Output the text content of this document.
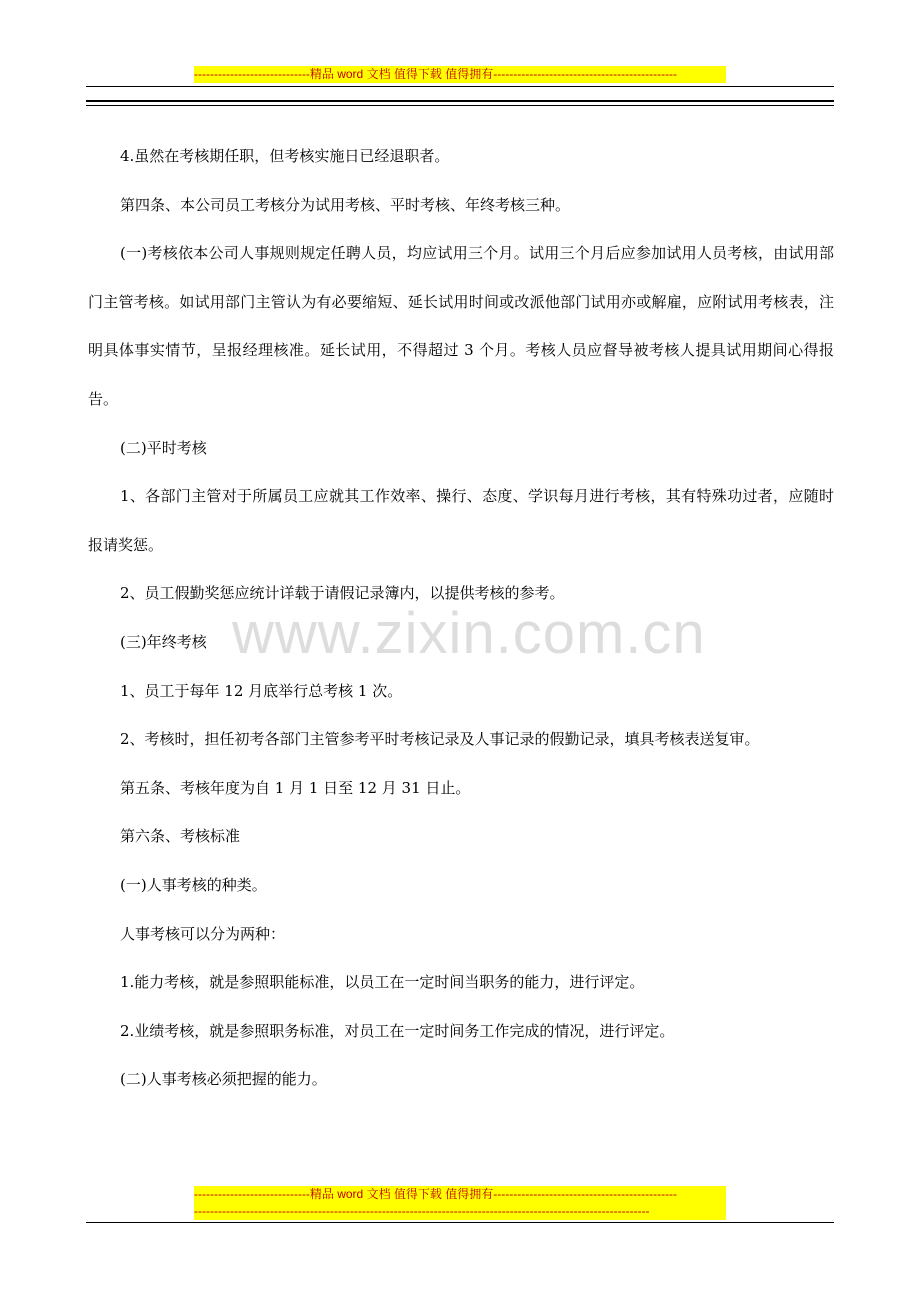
-----------------------------精品 word 文档 值得下载 值得拥有----------------------------------------------
www.zixin.com.cn

4.虽然在考核期任职，但考核实施日已经退职者。

第四条、本公司员工考核分为试用考核、平时考核、年终考核三种。

(一)考核依本公司人事规则规定任聘人员，均应试用三个月。试用三个月后应参加试用人员考核，由试用部门主管考核。如试用部门主管认为有必要缩短、延长试用时间或改派他部门试用亦或解雇，应附试用考核表，注明具体事实情节，呈报经理核准。延长试用，不得超过 3 个月。考核人员应督导被考核人提具试用期间心得报告。

(二)平时考核

1、各部门主管对于所属员工应就其工作效率、操行、态度、学识每月进行考核，其有特殊功过者，应随时报请奖惩。

2、员工假勤奖惩应统计详载于请假记录簿内，以提供考核的参考。

(三)年终考核

1、员工于每年 12 月底举行总考核 1 次。

2、考核时，担任初考各部门主管参考平时考核记录及人事记录的假勤记录，填具考核表送复审。

第五条、考核年度为自 1 月 1 日至 12 月 31 日止。

第六条、考核标准

(一)人事考核的种类。

人事考核可以分为两种：

1.能力考核，就是参照职能标准，以员工在一定时间当职务的能力，进行评定。

2.业绩考核，就是参照职务标准，对员工在一定时间务工作完成的情况，进行评定。

(二)人事考核必须把握的能力。

-----------------------------精品 word 文档 值得下载 值得拥有----------------------------------------------
------------------------------------------------------------------------------------------------------------------
